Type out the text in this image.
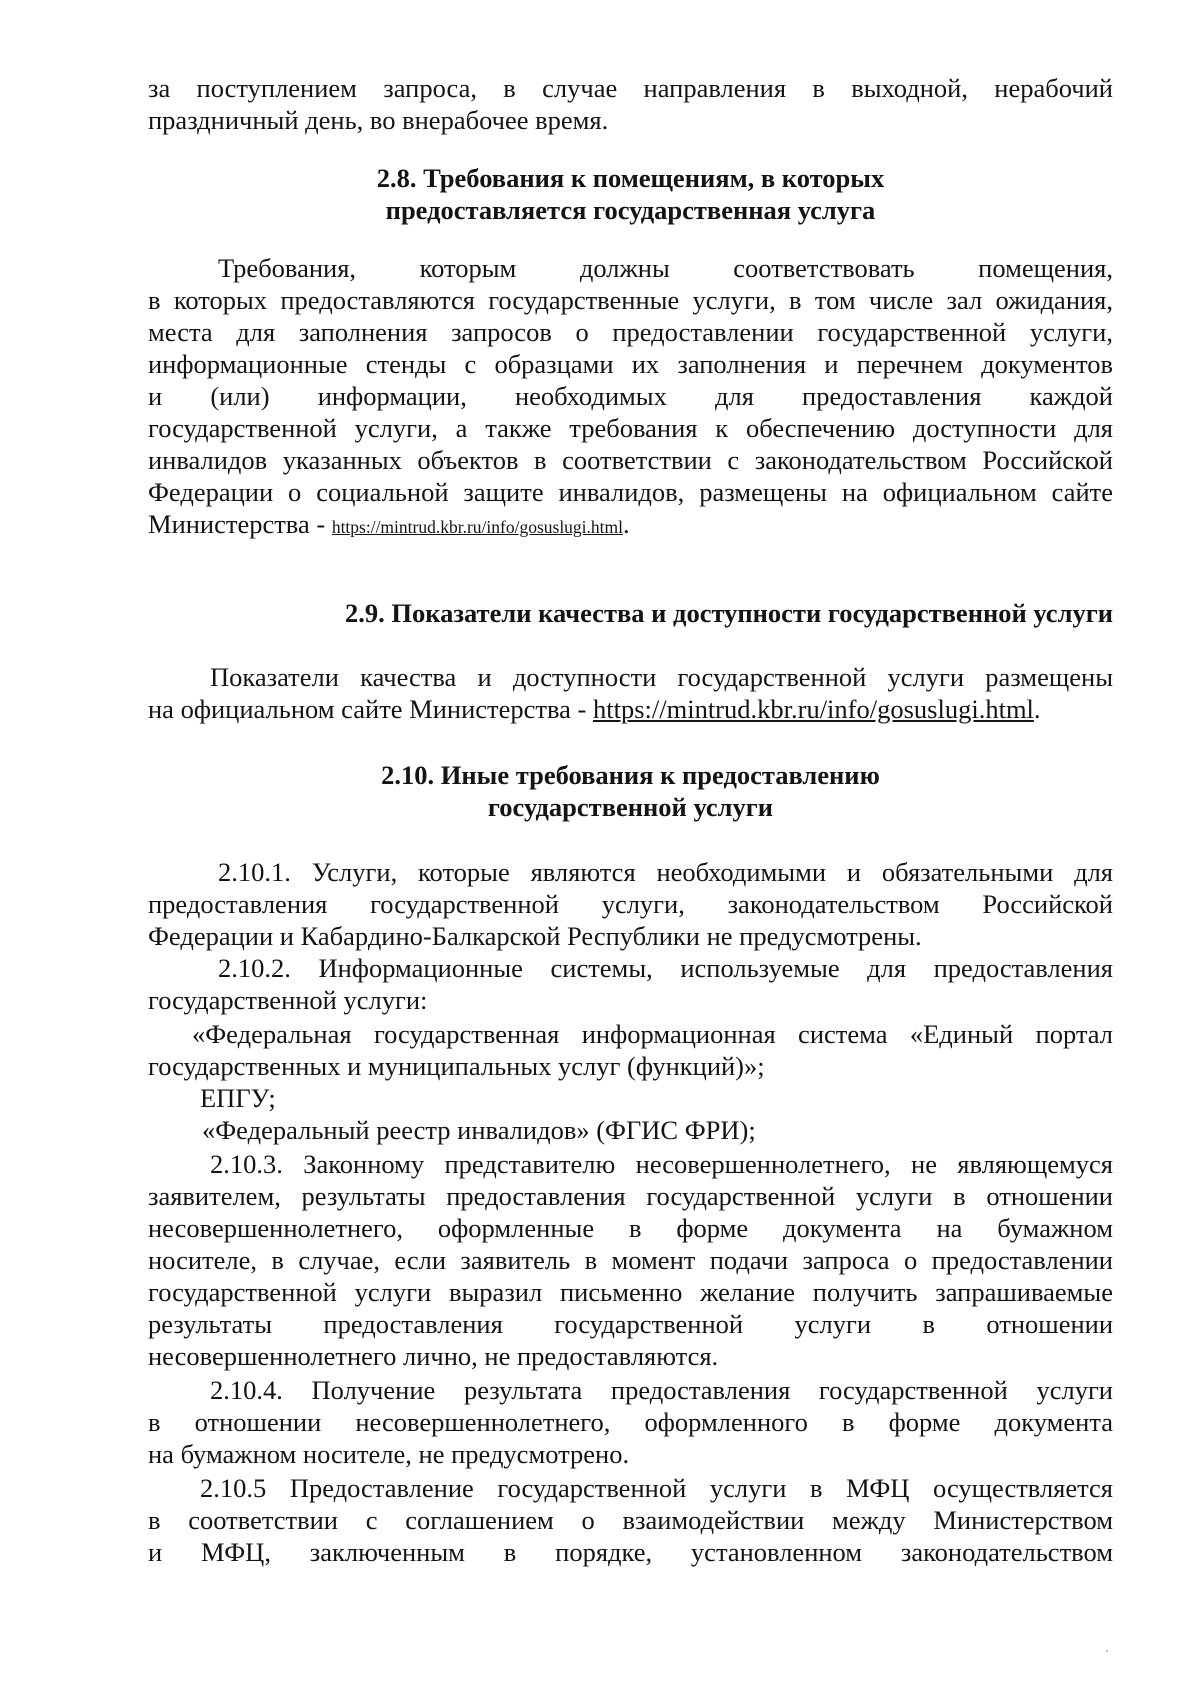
за поступлением запроса, в случае направления в выходной, нерабочий
праздничный день, во внерабочее время.
2.8. Требования к помещениям, в которых
предоставляется государственная услуга
Требования, которым должны соответствовать помещения,
в которых предоставляются государственные услуги, в том числе зал ожидания,
места для заполнения запросов о предоставлении государственной услуги,
информационные стенды с образцами их заполнения и перечнем документов
и (или) информации, необходимых для предоставления каждой
государственной услуги, а также требования к обеспечению доступности для
инвалидов указанных объектов в соответствии с законодательством Российской
Федерации о социальной защите инвалидов, размещены на официальном сайте
Министерства - https://mintrud.kbr.ru/info/gosuslugi.html.
2.9. Показатели качества и доступности государственной услуги
Показатели качества и доступности государственной услуги размещены
на официальном сайте Министерства - https://mintrud.kbr.ru/info/gosuslugi.html.
2.10. Иные требования к предоставлению
государственной услуги
2.10.1. Услуги, которые являются необходимыми и обязательными для
предоставления государственной услуги, законодательством Российской
Федерации и Кабардино-Балкарской Республики не предусмотрены.
2.10.2. Информационные системы, используемые для предоставления
государственной услуги:
«Федеральная государственная информационная система «Единый портал
государственных и муниципальных услуг (функций)»;
ЕПГУ;
«Федеральный реестр инвалидов» (ФГИС ФРИ);
2.10.3. Законному представителю несовершеннолетнего, не являющемуся
заявителем, результаты предоставления государственной услуги в отношении
несовершеннолетнего, оформленные в форме документа на бумажном
носителе, в случае, если заявитель в момент подачи запроса о предоставлении
государственной услуги выразил письменно желание получить запрашиваемые
результаты предоставления государственной услуги в отношении
несовершеннолетнего лично, не предоставляются.
2.10.4. Получение результата предоставления государственной услуги
в отношении несовершеннолетнего, оформленного в форме документа
на бумажном носителе, не предусмотрено.
2.10.5 Предоставление государственной услуги в МФЦ осуществляется
в соответствии с соглашением о взаимодействии между Министерством
и МФЦ, заключенным в порядке, установленном законодательством
